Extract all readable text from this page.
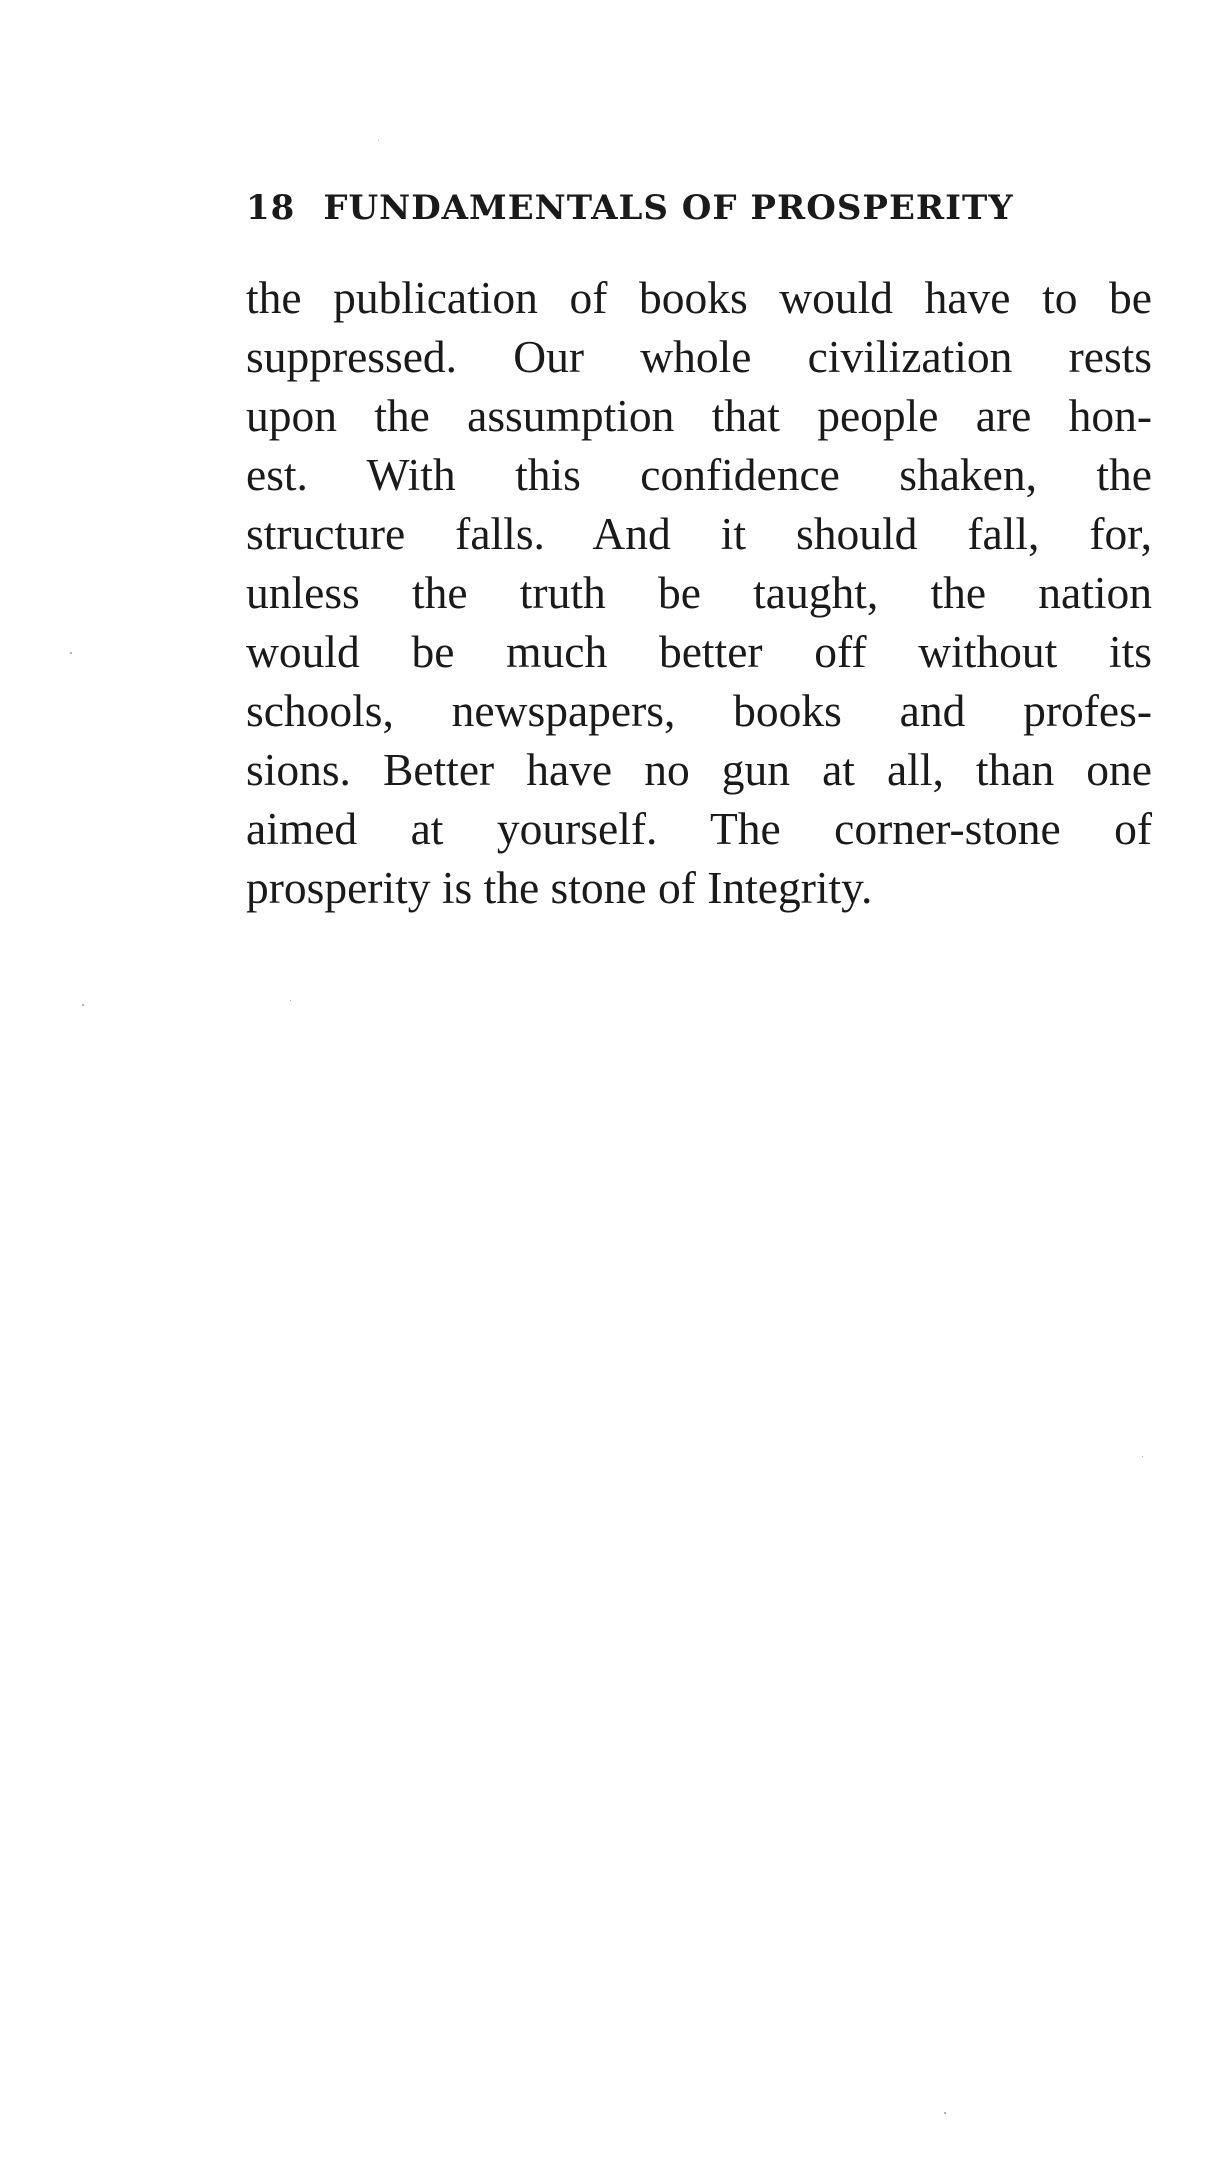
18 FUNDAMENTALS OF PROSPERITY
the publication of books would have to be
suppressed. Our whole civilization rests
upon the assumption that people are hon-
est. With this confidence shaken, the
structure falls. And it should fall, for,
unless the truth be taught, the nation
would be much better off without its
schools, newspapers, books and profes-
sions. Better have no gun at all, than one
aimed at yourself. The corner-stone of
prosperity is the stone of Integrity.
